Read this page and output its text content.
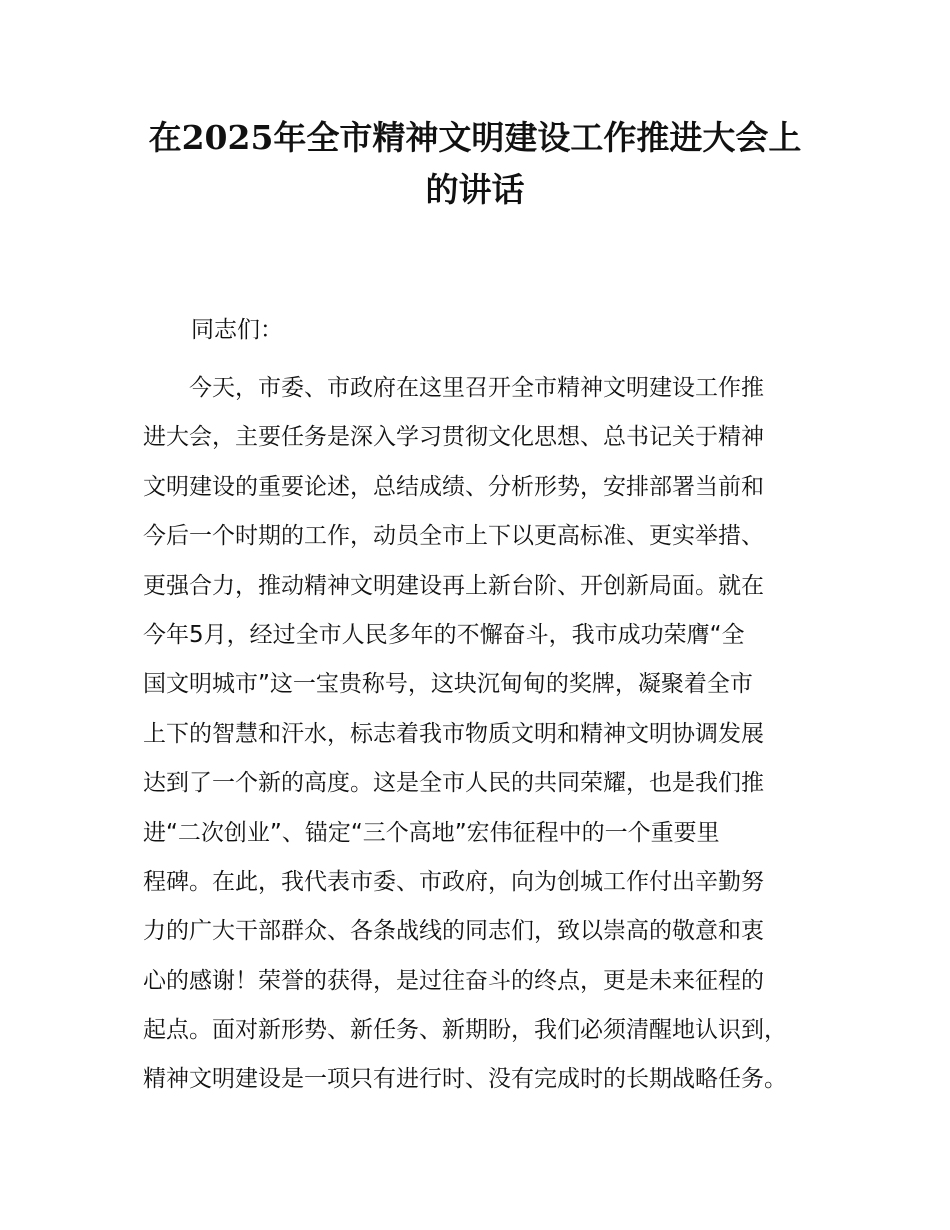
在2025年全市精神文明建设工作推进大会上
的讲话
同志们：
　　今天，市委、市政府在这里召开全市精神文明建设工作推
进大会，主要任务是深入学习贯彻文化思想、总书记关于精神
文明建设的重要论述，总结成绩、分析形势，安排部署当前和
今后一个时期的工作，动员全市上下以更高标准、更实举措、
更强合力，推动精神文明建设再上新台阶、开创新局面。就在
今年5月，经过全市人民多年的不懈奋斗，我市成功荣膺“全
国文明城市”这一宝贵称号，这块沉甸甸的奖牌，凝聚着全市
上下的智慧和汗水，标志着我市物质文明和精神文明协调发展
达到了一个新的高度。这是全市人民的共同荣耀，也是我们推
进“二次创业”、锚定“三个高地”宏伟征程中的一个重要里
程碑。在此，我代表市委、市政府，向为创城工作付出辛勤努
力的广大干部群众、各条战线的同志们，致以崇高的敬意和衷
心的感谢！荣誉的获得，是过往奋斗的终点，更是未来征程的
起点。面对新形势、新任务、新期盼，我们必须清醒地认识到，
精神文明建设是一项只有进行时、没有完成时的长期战略任务。
